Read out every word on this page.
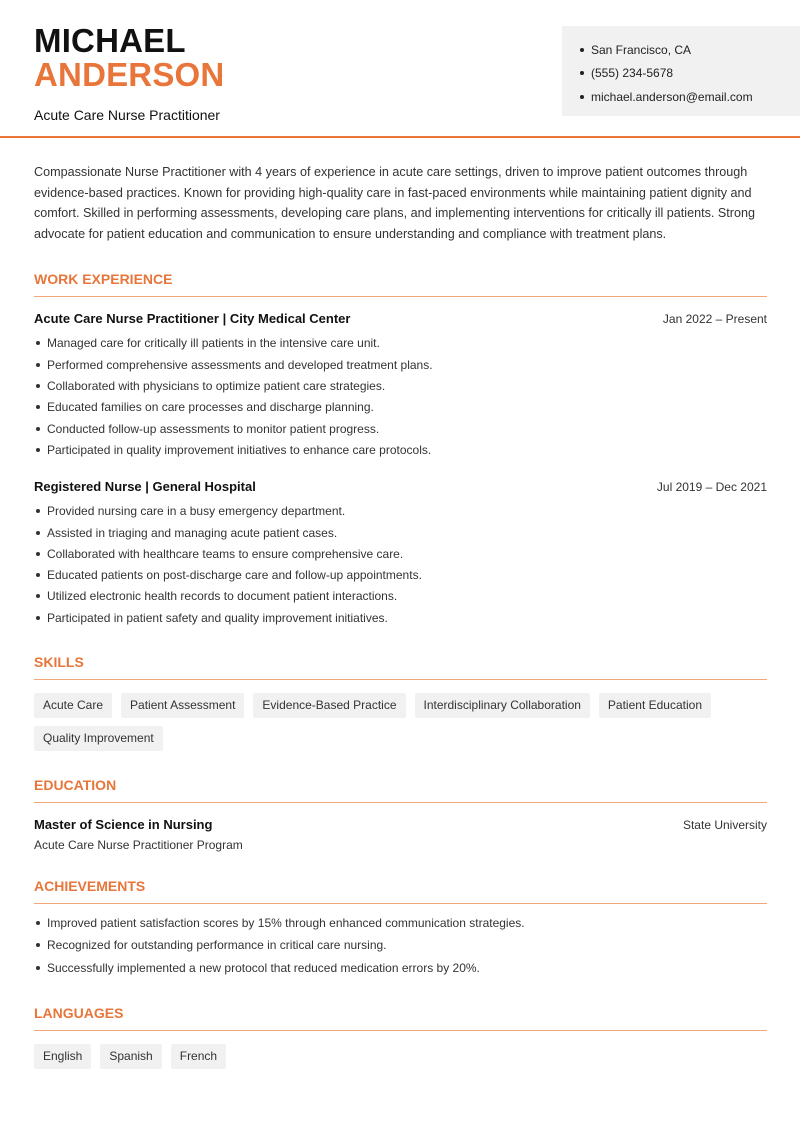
MICHAEL
ANDERSON
Acute Care Nurse Practitioner
San Francisco, CA
(555) 234-5678
michael.anderson@email.com

Compassionate Nurse Practitioner with 4 years of experience in acute care settings, driven to improve patient outcomes through evidence-based practices. Known for providing high-quality care in fast-paced environments while maintaining patient dignity and comfort. Skilled in performing assessments, developing care plans, and implementing interventions for critically ill patients. Strong advocate for patient education and communication to ensure understanding and compliance with treatment plans.

WORK EXPERIENCE
Acute Care Nurse Practitioner | City Medical Center	Jan 2022 – Present
Managed care for critically ill patients in the intensive care unit.
Performed comprehensive assessments and developed treatment plans.
Collaborated with physicians to optimize patient care strategies.
Educated families on care processes and discharge planning.
Conducted follow-up assessments to monitor patient progress.
Participated in quality improvement initiatives to enhance care protocols.
Registered Nurse | General Hospital	Jul 2019 – Dec 2021
Provided nursing care in a busy emergency department.
Assisted in triaging and managing acute patient cases.
Collaborated with healthcare teams to ensure comprehensive care.
Educated patients on post-discharge care and follow-up appointments.
Utilized electronic health records to document patient interactions.
Participated in patient safety and quality improvement initiatives.
SKILLS
Acute Care	Patient Assessment	Evidence-Based Practice	Interdisciplinary Collaboration	Patient Education
Quality Improvement
EDUCATION
Master of Science in Nursing	State University
Acute Care Nurse Practitioner Program
ACHIEVEMENTS
Improved patient satisfaction scores by 15% through enhanced communication strategies.
Recognized for outstanding performance in critical care nursing.
Successfully implemented a new protocol that reduced medication errors by 20%.
LANGUAGES
English	Spanish	French
